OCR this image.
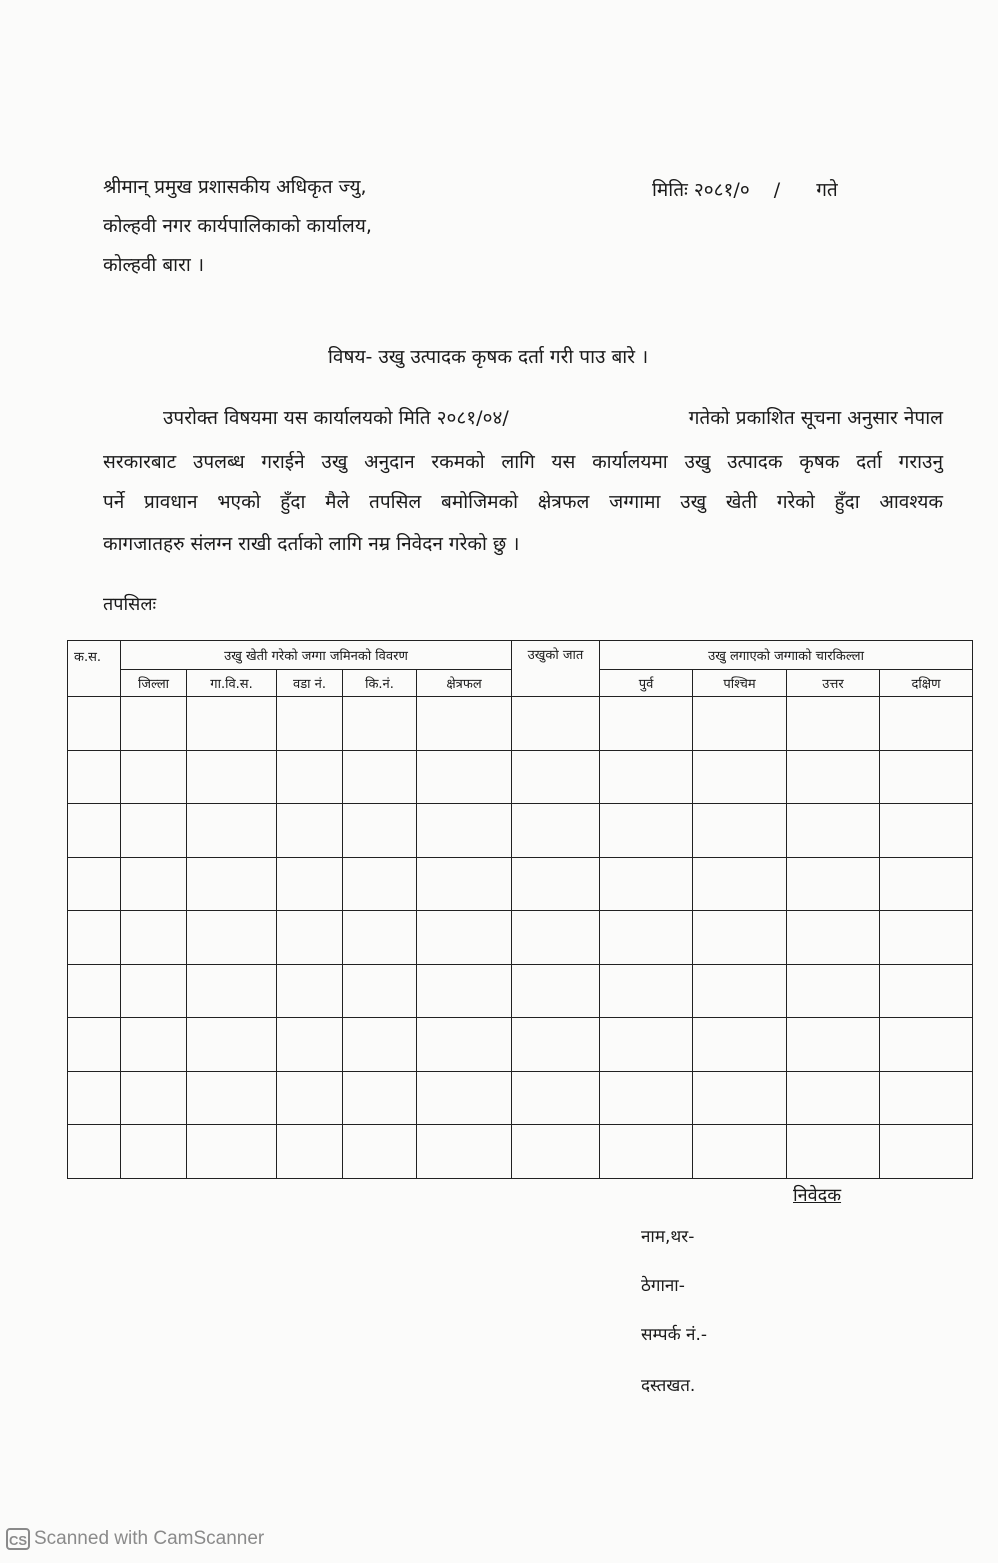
श्रीमान् प्रमुख प्रशासकीय अधिकृत ज्यु,
कोल्हवी नगर कार्यपालिकाको कार्यालय,
कोल्हवी बारा ।
मितिः २०८१/० / गते
विषय- उखु उत्पादक कृषक दर्ता गरी पाउ बारे ।
उपरोक्त विषयमा यस कार्यालयको मिति २०८१/०४/	गतेको प्रकाशित सूचना अनुसार नेपाल
सरकारबाट उपलब्ध गराईने उखु अनुदान रकमको लागि यस कार्यालयमा उखु उत्पादक कृषक दर्ता गराउनु
पर्ने प्रावधान भएको हुँदा मैले तपसिल बमोजिमको क्षेत्रफल जग्गामा उखु खेती गरेको हुँदा आवश्यक
कागजातहरु संलग्न राखी दर्ताको लागि नम्र निवेदन गरेको छु ।
तपसिलः
क.स.	उखु खेती गरेको जग्गा जमिनको विवरण					उखुको जात	उखु लगाएको जग्गाको चारकिल्ला			
	जिल्ला	गा.वि.स.	वडा नं.	कि.नं.	क्षेत्रफल		पुर्व	पश्चिम	उत्तर	दक्षिण

निवेदक
नाम,थर-
ठेगाना-
सम्पर्क नं.-
दस्तखत.
CS Scanned with CamScanner
